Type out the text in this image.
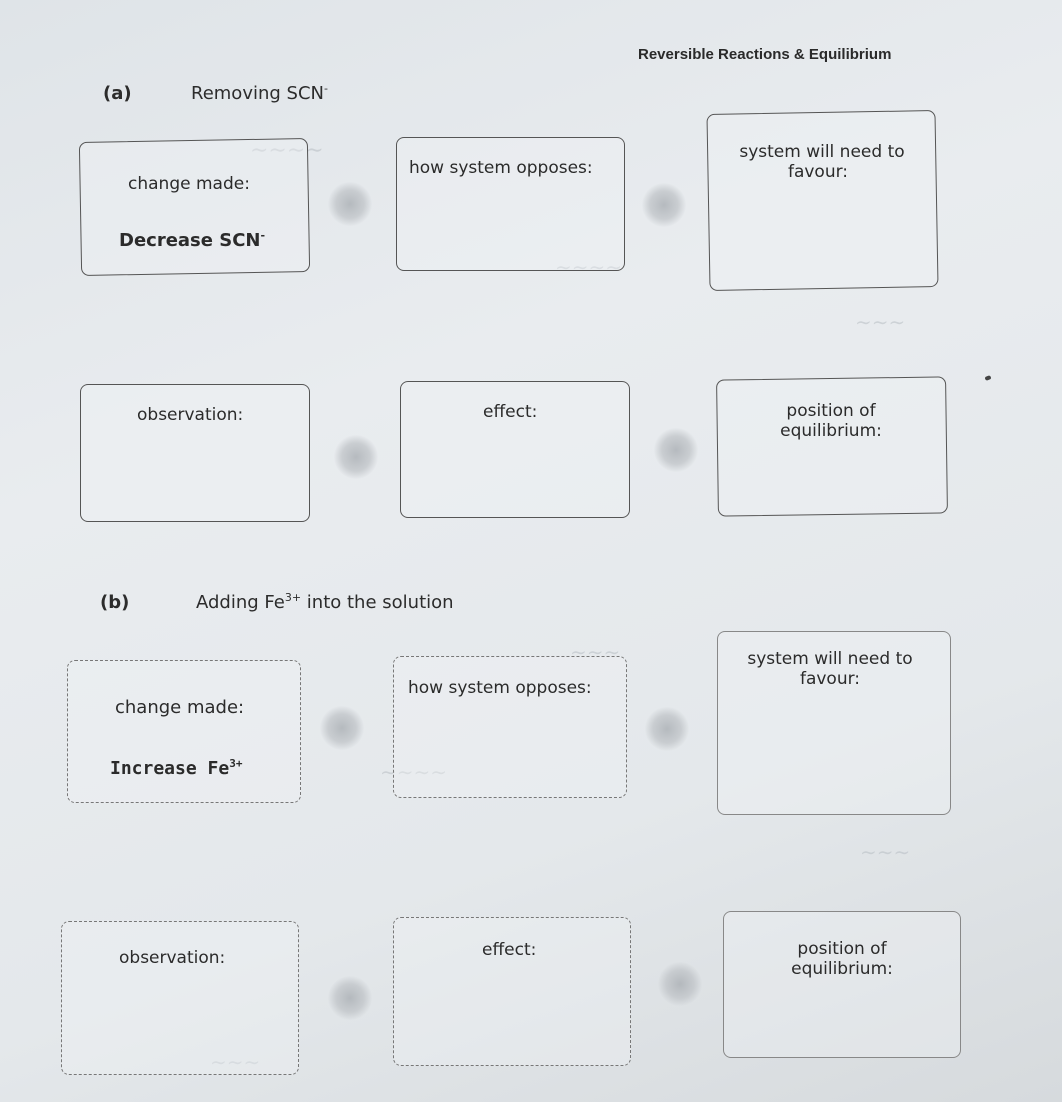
∼∼∼∼
∼∼∼∼
∼∼∼
∼∼∼
∼∼∼∼
∼∼∼
∼∼∼
Reversible Reactions & Equilibrium
(a)	Removing SCN-
change made:
Decrease SCN-
how system opposes:
system will need to
favour:
observation:	effect:	position of
equilibrium:
(b)	Adding $Fe^{3+}$ into the solution
change made:
Increase $Fe^{3+}$
how system opposes:
system will need to
favour:
observation:	effect:	position of
equilibrium:
